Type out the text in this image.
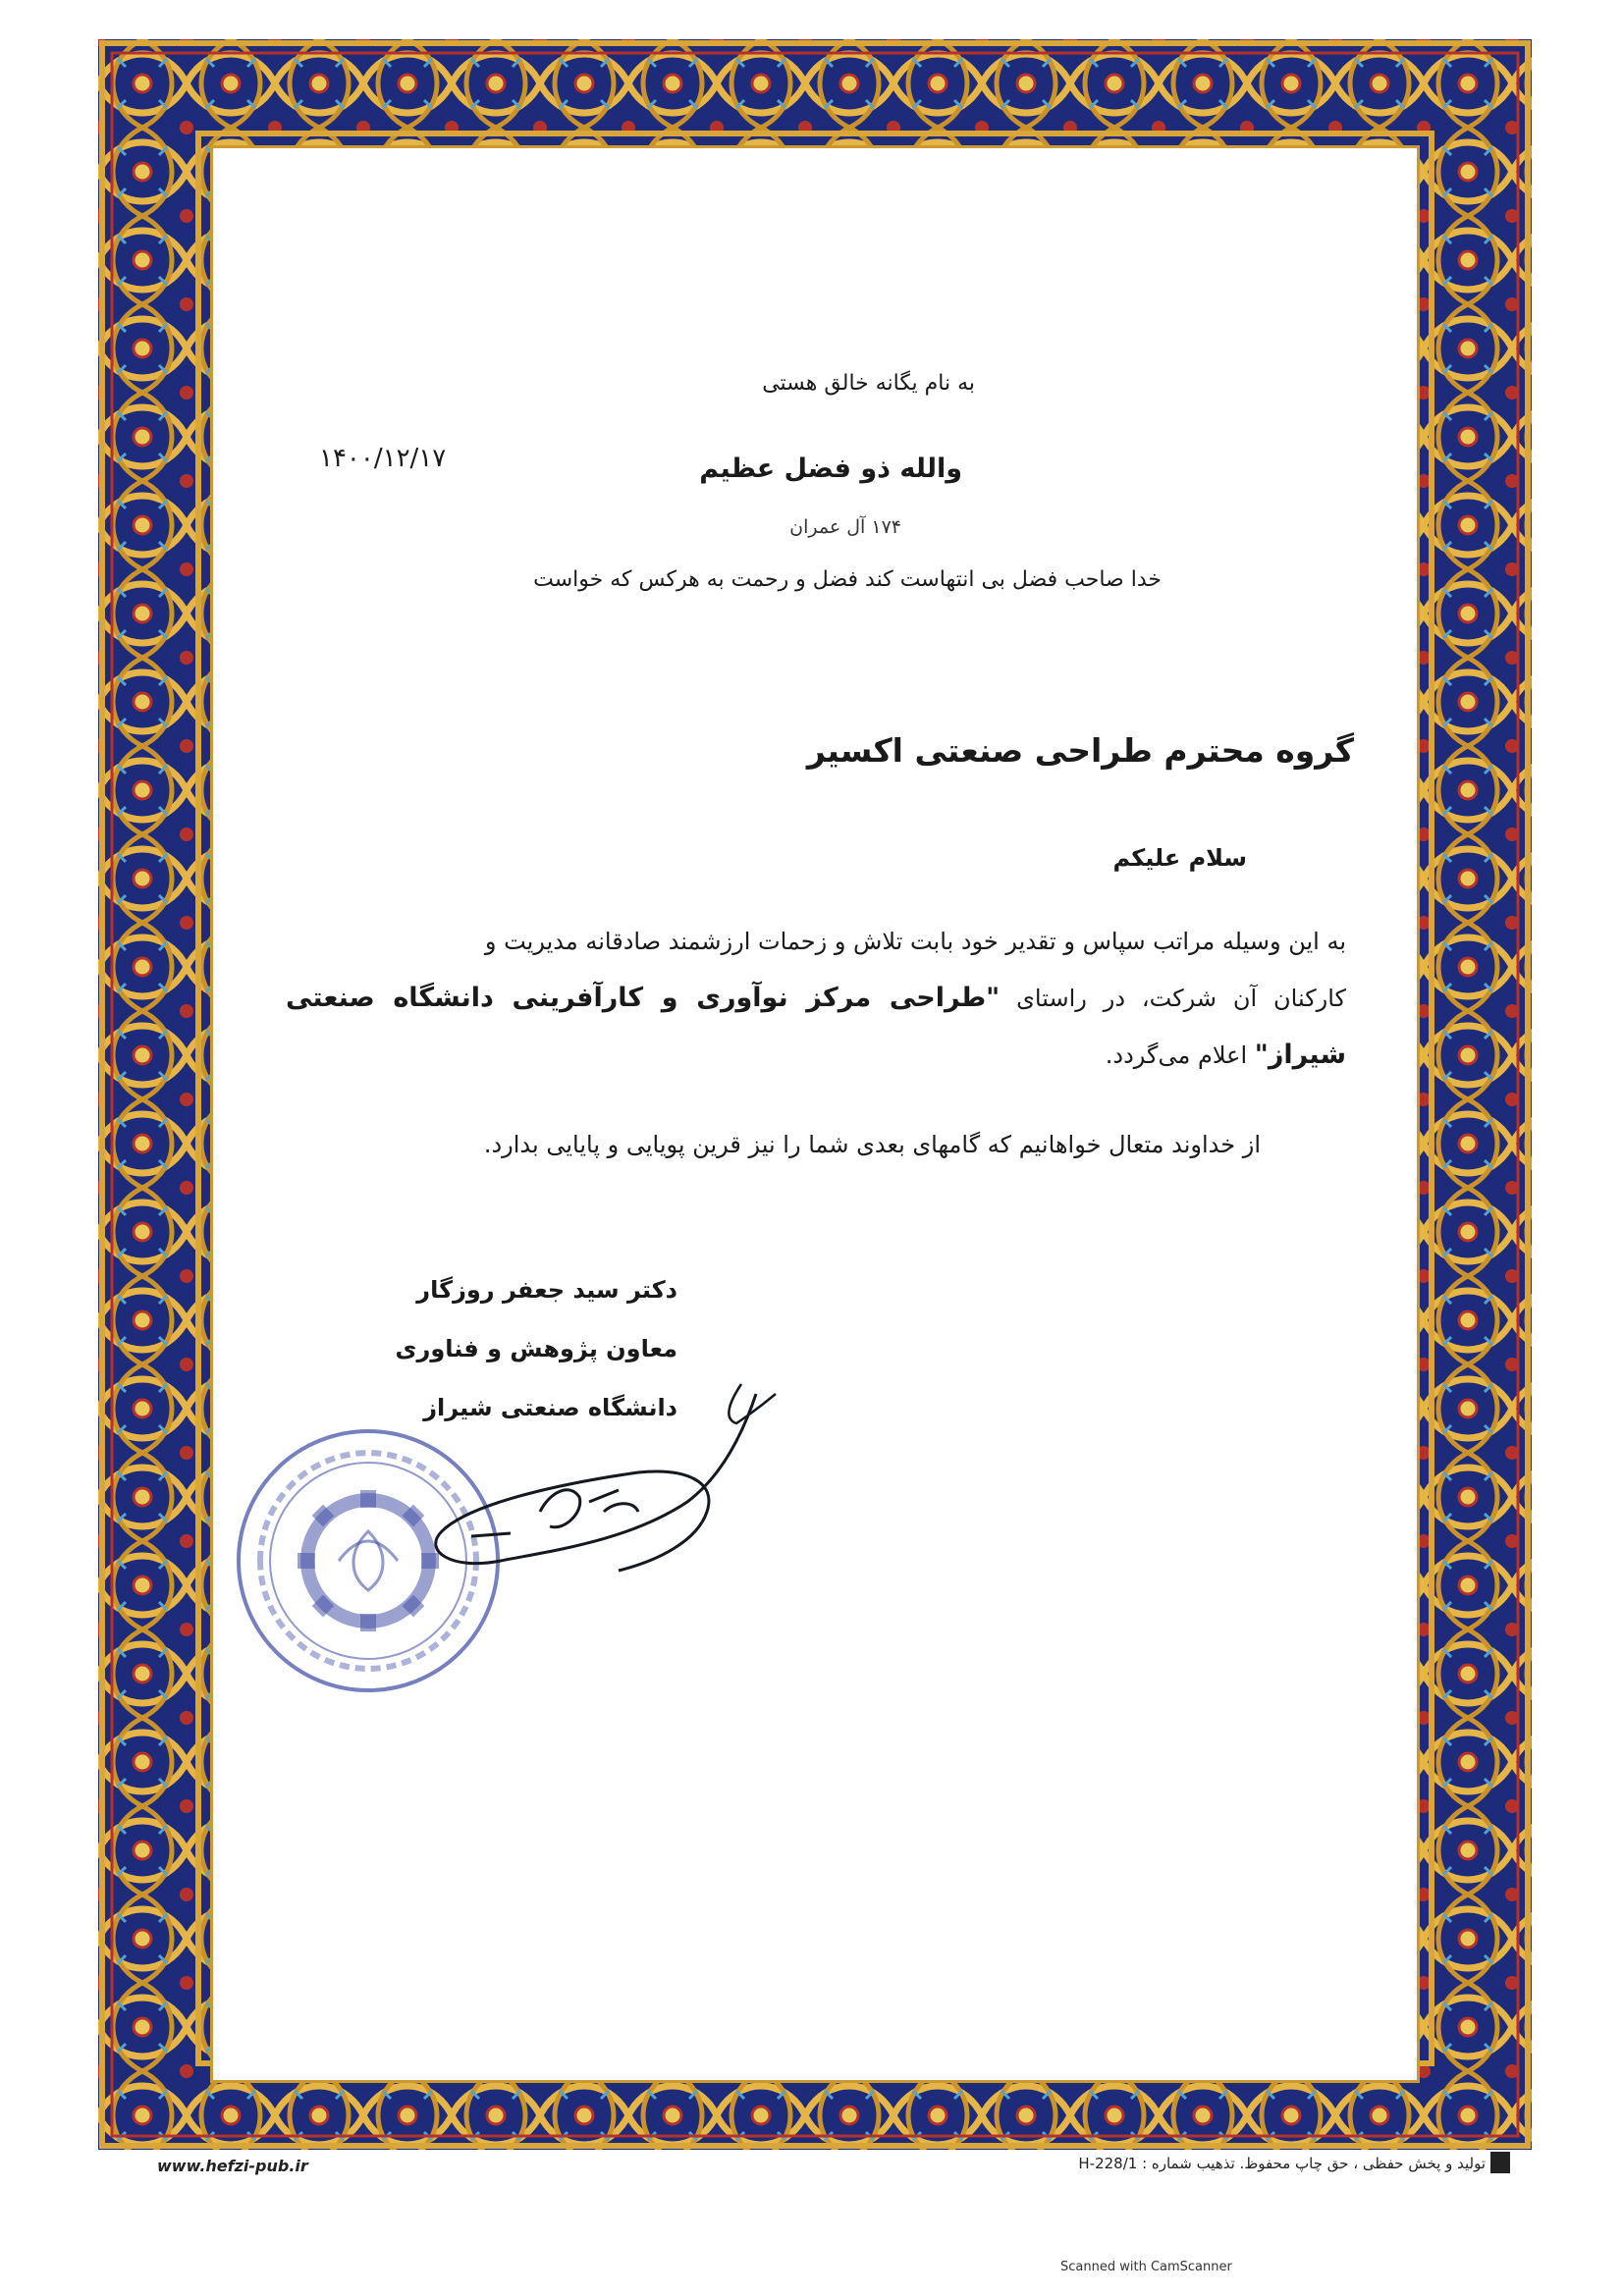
به نام یگانه خالق هستی
والله ذو فضل عظیم
۱۷۴ آل عمران
خدا صاحب فضل بی انتهاست کند فضل و رحمت به هرکس که خواست
۱۴۰۰/۱۲/۱۷
گروه محترم طراحی صنعتی اکسیر
سلام علیکم

به این وسیله مراتب سپاس و تقدیر خود بابت تلاش و زحمات ارزشمند صادقانه مدیریت و

کارکنان آن شرکت، در راستای "طراحی مرکز نوآوری و کارآفرینی دانشگاه صنعتی شیراز" اعلام می‌گردد.

از خداوند متعال خواهانیم که گامهای بعدی شما را نیز قرین پویایی و پایایی بدارد.
دکتر سید جعفر روزگار
معاون پژوهش و فناوری
دانشگاه صنعتی شیراز
www.hefzi-pub.ir	تولید و پخش حفظی ، حق چاپ محفوظ. تذهیب شماره : H-228/1
Scanned with CamScanner
